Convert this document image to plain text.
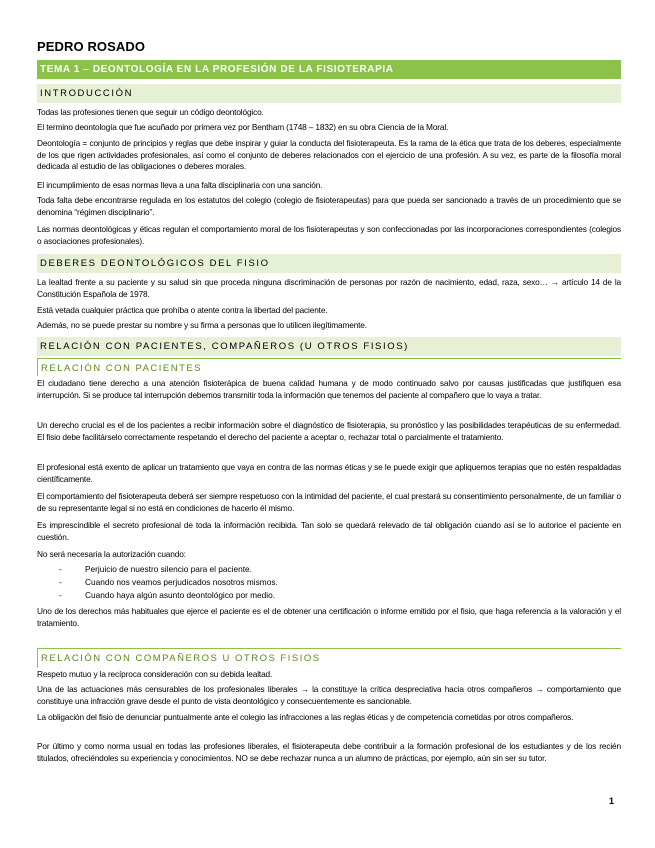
PEDRO ROSADO
TEMA 1 – DEONTOLOGÍA EN LA PROFESIÓN DE LA FISIOTERAPIA
INTRODUCCIÓN
Todas las profesiones tienen que seguir un código deontológico.
El termino deontología que fue acuñado por primera vez por Bentham (1748 – 1832) en su obra Ciencia de la Moral.
Deontología = conjunto de principios y reglas que debe inspirar y guiar la conducta del fisioterapeuta. Es la rama de la ética que trata de los deberes, especialmente de los que rigen actividades profesionales, así como el conjunto de deberes relacionados con el ejercicio de una profesión. A su vez, es parte de la filosofía moral dedicada al estudio de las obligaciones o deberes morales.
El incumplimiento de esas normas lleva a una falta disciplinaria con una sanción.
Toda falta debe encontrarse regulada en los estatutos del colegio (colegio de fisioterapeutas) para que pueda ser sancionado a través de un procedimiento que se denomina “régimen disciplinario”.
Las normas deontológicas y éticas regulan el comportamiento moral de los fisioterapeutas y son confeccionadas por las incorporaciones correspondientes (colegios o asociaciones profesionales).
DEBERES DEONTOLÓGICOS DEL FISIO
La lealtad frente a su paciente y su salud sin que proceda ninguna discriminación de personas por razón de nacimiento, edad, raza, sexo… → artículo 14 de la Constitución Española de 1978.
Está vetada cualquier práctica que prohíba o atente contra la libertad del paciente.
Además, no se puede prestar su nombre y su firma a personas que lo utilicen ilegítimamente.
RELACIÓN CON PACIENTES, COMPAÑEROS (U OTROS FISIOS)
RELACIÓN CON PACIENTES
El ciudadano tiene derecho a una atención fisioterápica de buena calidad humana y de modo continuado salvo por causas justificadas que justifiquen esa interrupción. Si se produce tal interrupción debemos transmitir toda la información que tenemos del paciente al compañero que lo vaya a tratar.
Un derecho crucial es el de los pacientes a recibir información sobre el diagnóstico de fisioterapia, su pronóstico y las posibilidades terapéuticas de su enfermedad. El fisio debe facilitárselo correctamente respetando el derecho del paciente a aceptar o, rechazar total o parcialmente el tratamiento.
El profesional está exento de aplicar un tratamiento que vaya en contra de las normas éticas y se le puede exigir que apliquemos terapias que no estén respaldadas científicamente.
El comportamiento del fisioterapeuta deberá ser siempre respetuoso con la intimidad del paciente, el cual prestará su consentimiento personalmente, de un familiar o de su representante legal si no está en condiciones de hacerlo él mismo.
Es imprescindible el secreto profesional de toda la información recibida. Tan solo se quedará relevado de tal obligación cuando así se lo autorice el paciente en cuestión.
No será necesaria la autorización cuando:
-	Perjuicio de nuestro silencio para el paciente.
-	Cuando nos veamos perjudicados nosotros mismos.
-	Cuando haya algún asunto deontológico por medio.
Uno de los derechos más habituales que ejerce el paciente es el de obtener una certificación o informe emitido por el fisio, que haga referencia a la valoración y el tratamiento.
RELACIÓN CON COMPAÑEROS U OTROS FISIOS
Respeto mutuo y la recíproca consideración con su debida lealtad.
Una de las actuaciones más censurables de los profesionales liberales → la constituye la crítica despreciativa hacia otros compañeros → comportamiento que constituye una infracción grave desde el punto de vista deontológico y consecuentemente es sancionable.
La obligación del fisio de denunciar puntualmente ante el colegio las infracciones a las reglas éticas y de competencia cometidas por otros compañeros.
Por último y como norma usual en todas las profesiones liberales, el fisioterapeuta debe contribuir a la formación profesional de los estudiantes y de los recién titulados, ofreciéndoles su experiencia y conocimientos. NO se debe rechazar nunca a un alumno de prácticas, por ejemplo, aún sin ser su tutor.
1
